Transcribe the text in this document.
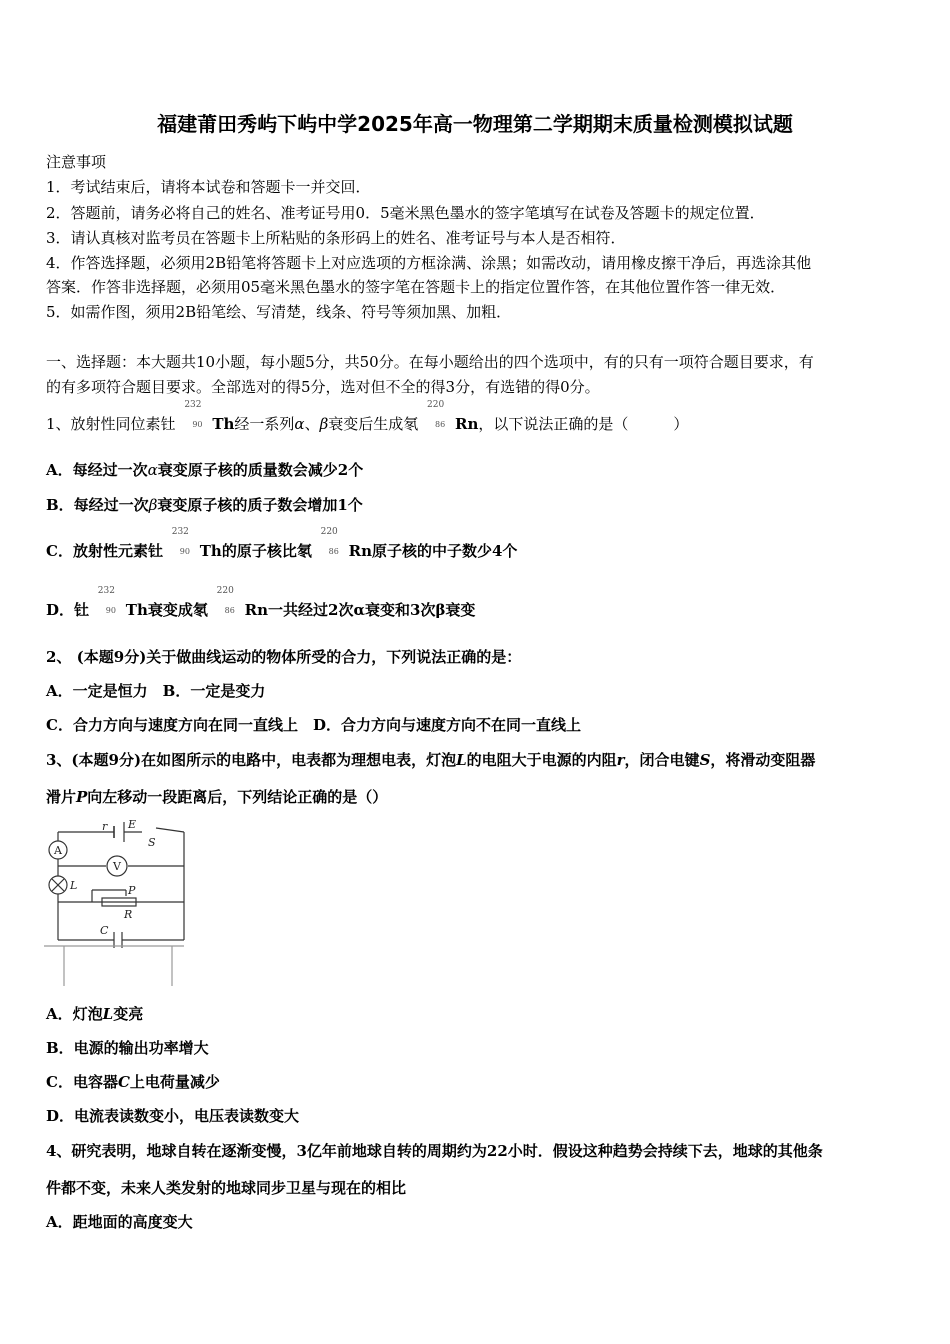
福建莆田秀屿下屿中学2025年高一物理第二学期期末质量检测模拟试题
注意事项
1．考试结束后，请将本试卷和答题卡一并交回．
2．答题前，请务必将自己的姓名、准考证号用0．5毫米黑色墨水的签字笔填写在试卷及答题卡的规定位置．
3．请认真核对监考员在答题卡上所粘贴的条形码上的姓名、准考证号与本人是否相符．
4．作答选择题，必须用2B铅笔将答题卡上对应选项的方框涂满、涂黑；如需改动，请用橡皮擦干净后，再选涂其他
答案．作答非选择题，必须用05毫米黑色墨水的签字笔在答题卡上的指定位置作答，在其他位置作答一律无效．
5．如需作图，须用2B铅笔绘、写清楚，线条、符号等须加黑、加粗．
一、选择题：本大题共10小题，每小题5分，共50分。在每小题给出的四个选项中，有的只有一项符合题目要求，有
的有多项符合题目要求。全部选对的得5分，选对但不全的得3分，有选错的得0分。
1、放射性同位素钍
232
90 Th经一系列α、β衰变后生成氡
220
86 Rn，以下说法正确的是（　　　）
A．每经过一次α衰变原子核的质量数会减少2个
B．每经过一次β衰变原子核的质子数会增加1个
C．放射性元素钍
232
90 Th的原子核比氡
220
86 Rn原子核的中子数少4个
D．钍
232
90 Th衰变成氡
220
86 Rn一共经过2次α衰变和3次β衰变
2、 (本题9分)关于做曲线运动的物体所受的合力，下列说法正确的是：
A．一定是恒力　B．一定是变力
C．合力方向与速度方向在同一直线上　D．合力方向与速度方向不在同一直线上
3、(本题9分)在如图所示的电路中，电表都为理想电表，灯泡L的电阻大于电源的内阻r，闭合电键S，将滑动变阻器
滑片P向左移动一段距离后，下列结论正确的是（）
A
V
r E
S
L	P
R
C
A．灯泡L变亮
B．电源的输出功率增大
C．电容器C上电荷量减少
D．电流表读数变小，电压表读数变大
4、研究表明，地球自转在逐渐变慢，3亿年前地球自转的周期约为22小时．假设这种趋势会持续下去，地球的其他条
件都不变，未来人类发射的地球同步卫星与现在的相比
A．距地面的高度变大
